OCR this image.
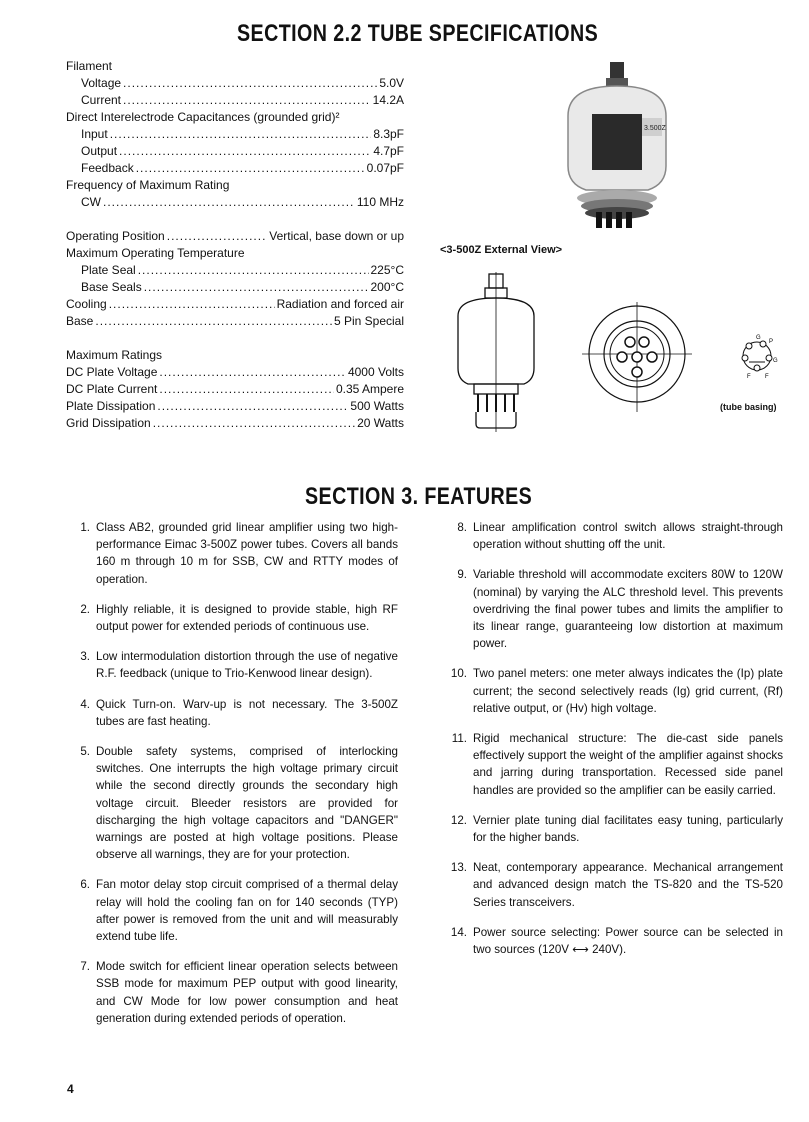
SECTION 2.2 TUBE SPECIFICATIONS
Filament
Voltage .....	5.0V
Current .....	14.2A
Direct Interelectrode Capacitances (grounded grid)²
Input .....	8.3pF
Output .....	4.7pF
Feedback .....	0.07pF
Frequency of Maximum Rating
CW .....	110 MHz
Operating Position .....	Vertical, base down or up
Maximum Operating Temperature
Plate Seal .....	225°C
Base Seals .....	200°C
Cooling .....	Radiation and forced air
Base .....	5 Pin Special
Maximum Ratings
DC Plate Voltage .....	4000 Volts
DC Plate Current .....	0.35 Ampere
Plate Dissipation .....	500 Watts
Grid Dissipation .....	20 Watts
3.500Z
<3-500Z External View>
G
P
G
F F
(tube basing)
SECTION 3. FEATURES
1. Class AB2, grounded grid linear amplifier using two high-performance Eimac 3-500Z power tubes. Covers all bands 160 m through 10 m for SSB, CW and RTTY modes of operation.
2. Highly reliable, it is designed to provide stable, high RF output power for extended periods of continuous use.
3. Low intermodulation distortion through the use of negative R.F. feedback (unique to Trio-Kenwood linear design).
4. Quick Turn-on. Warv-up is not necessary. The 3-500Z tubes are fast heating.
5. Double safety systems, comprised of interlocking switches. One interrupts the high voltage primary circuit while the second directly grounds the secondary high voltage circuit. Bleeder resistors are provided for discharging the high voltage capacitors and "DANGER" warnings are posted at high voltage positions. Please observe all warnings, they are for your protection.
6. Fan motor delay stop circuit comprised of a thermal delay relay will hold the cooling fan on for 140 seconds (TYP) after power is removed from the unit and will measurably extend tube life.
7. Mode switch for efficient linear operation selects between SSB mode for maximum PEP output with good linearity, and CW Mode for low power consumption and heat generation during extended periods of operation.
8. Linear amplification control switch allows straight-through operation without shutting off the unit.
9. Variable threshold will accommodate exciters 80W to 120W (nominal) by varying the ALC threshold level. This prevents overdriving the final power tubes and limits the amplifier to its linear range, guaranteeing low distortion at maximum power.
10. Two panel meters: one meter always indicates the (Ip) plate current; the second selectively reads (Ig) grid current, (Rf) relative output, or (Hv) high voltage.
11. Rigid mechanical structure: The die-cast side panels effectively support the weight of the amplifier against shocks and jarring during transportation. Recessed side panel handles are provided so the amplifier can be easily carried.
12. Vernier plate tuning dial facilitates easy tuning, particularly for the higher bands.
13. Neat, contemporary appearance. Mechanical arrangement and advanced design match the TS-820 and the TS-520 Series transceivers.
14. Power source selecting: Power source can be selected in two sources (120V ⟷ 240V).
4
